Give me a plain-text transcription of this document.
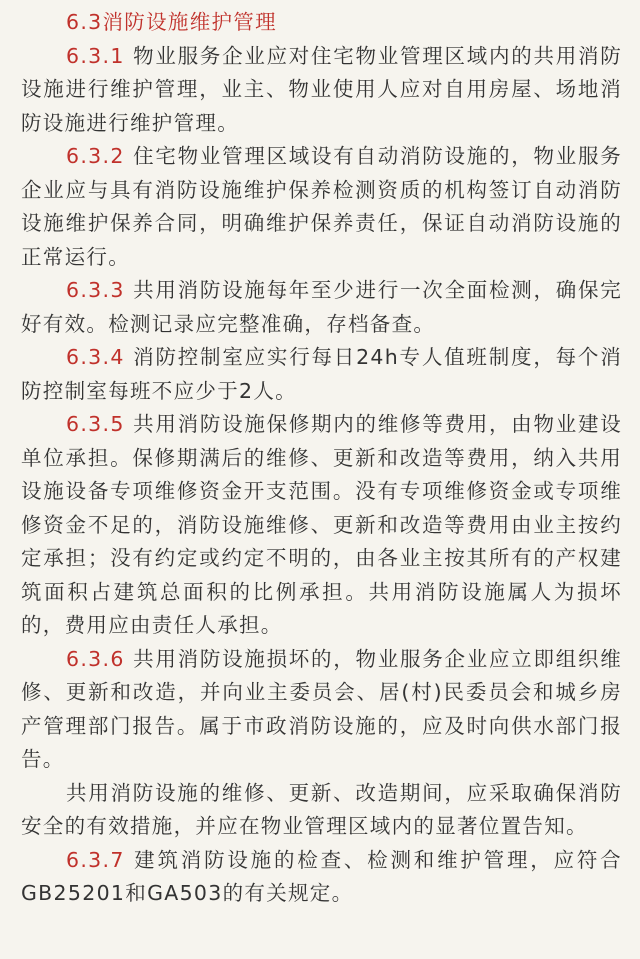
6.3消防设施维护管理

6.3.1 物业服务企业应对住宅物业管理区域内的共用消防设施进行维护管理，业主、物业使用人应对自用房屋、场地消防设施进行维护管理。

6.3.2 住宅物业管理区域设有自动消防设施的，物业服务企业应与具有消防设施维护保养检测资质的机构签订自动消防设施维护保养合同，明确维护保养责任，保证自动消防设施的正常运行。

6.3.3 共用消防设施每年至少进行一次全面检测，确保完好有效。检测记录应完整准确，存档备查。

6.3.4 消防控制室应实行每日24h专人值班制度，每个消防控制室每班不应少于2人。

6.3.5 共用消防设施保修期内的维修等费用，由物业建设单位承担。保修期满后的维修、更新和改造等费用，纳入共用设施设备专项维修资金开支范围。没有专项维修资金或专项维修资金不足的，消防设施维修、更新和改造等费用由业主按约定承担；没有约定或约定不明的，由各业主按其所有的产权建筑面积占建筑总面积的比例承担。共用消防设施属人为损坏的，费用应由责任人承担。

6.3.6 共用消防设施损坏的，物业服务企业应立即组织维修、更新和改造，并向业主委员会、居(村)民委员会和城乡房产管理部门报告。属于市政消防设施的，应及时向供水部门报告。

共用消防设施的维修、更新、改造期间，应采取确保消防安全的有效措施，并应在物业管理区域内的显著位置告知。

6.3.7 建筑消防设施的检查、检测和维护管理，应符合GB25201和GA503的有关规定。
